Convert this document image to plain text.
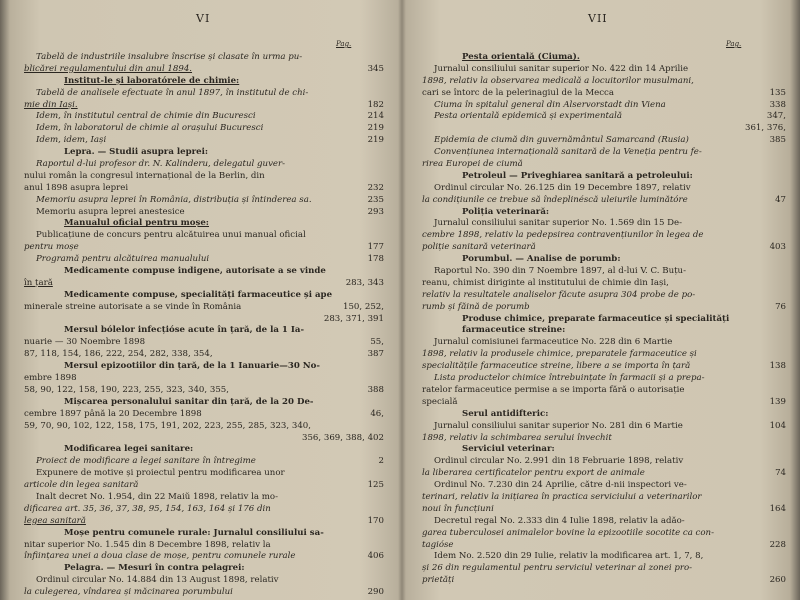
VI
Pag.
Tabelă de industriile insalubre înscrise și clasate în urma pu-
blicărei regulamentului din anul 1894.	345
Institut-le și laboratórele de chimie:
Tabelă de analisele efectuate în anul 1897, în institutul de chi-
mie din Iași.	182
Idem, în institutul central de chimie din Bucuresci	214
Idem, în laboratorul de chimie al orașului Bucuresci	219
Idem, idem, Iași	219
Lepra. — Studii asupra leprei:
Raportul d-lui profesor dr. N. Kalinderu, delegatul guver-
nului român la congresul internațional de la Berlin, din
anul 1898 asupra leprei	232
Memoriu asupra leprei în România, distribuția și întinderea sa.	235
Memoriu asupra leprei anestesice	293
Manualul oficial pentru moșe:
Publicațiune de concurs pentru alcătuirea unui manual oficial
pentru moșe	177
Programă pentru alcătuirea manualului	178
Medicamente compuse indigene, autorisate a se vinde
în țară	283, 343
Medicamente compuse, specialități farmaceutice și ape
minerale streine autorisate a se vinde în România	150, 252,
283, 371, 391
Mersul bólelor infecțióse acute în țară, de la 1 Ia-
nuarie — 30 Noembre 1898	55,
87, 118, 154, 186, 222, 254, 282, 338, 354,	387
Mersul epizootiilor din țară, de la 1 Ianuarie—30 No-
embre 1898
58, 90, 122, 158, 190, 223, 255, 323, 340, 355,	388
Mișcarea personalului sanitar din țară, de la 20 De-
cembre 1897 până la 20 Decembre 1898	46,
59, 70, 90, 102, 122, 158, 175, 191, 202, 223, 255, 285, 323, 340,
356, 369, 388, 402
Modificarea legei sanitare:
Proiect de modificare a legei sanitare în întregime	2
Expunere de motive și proiectul pentru modificarea unor
articole din legea sanitară	125
Înalt decret No. 1.954, din 22 Maiŭ 1898, relativ la mo-
dificarea art. 35, 36, 37, 38, 95, 154, 163, 164 și 176 din
legea sanitară	170
Moșe pentru comunele rurale: Jurnalul consiliului sa-
nitar superior No. 1.545 din 8 Decembre 1898, relativ la
înființarea unei a doua clase de moșe, pentru comunele rurale	406
Pelagra. — Mesuri în contra pelagrei:
Ordinul circular No. 14.884 din 13 August 1898, relativ
la culegerea, vîndarea și măcinarea porumbului	290
VII
Pag.
Pesta orientală (Ciuma).
Jurnalul consiliului sanitar superior No. 422 din 14 Aprilie
1898, relativ la observarea medicală a locuitorilor musulmani,
cari se întorc de la pelerinagiul de la Mecca	135
Ciuma în spitalul general din Alservorstadt din Viena	338
Pesta orientală epidemică și experimentală	347,
361, 376,
Epidemia de ciumă din guvernământul Samarcand (Rusia)	385
Convențiunea internațională sanitară de la Veneția pentru fe-
rirea Europei de ciumă
Petroleul — Priveghiarea sanitară a petroleului:
Ordinul circular No. 26.125 din 19 Decembre 1897, relativ
la condițiunile ce trebue să îndeplinéscă uleiurile luminătóre	47
Poliția veterinară:
Jurnalul consiliului sanitar superior No. 1.569 din 15 De-
cembre 1898, relativ la pedepsirea contravențiunilor în legea de
poliție sanitară veterinară	403
Porumbul. — Analise de porumb:
Raportul No. 390 din 7 Noembre 1897, al d-lui V. C. Buțu-
reanu, chimist diriginte al institutului de chimie din Iași,
relativ la resultatele analiselor făcute asupra 304 probe de po-
rumb și făină de porumb	76
Produse chimice, preparate farmaceutice și specialități
farmaceutice streine:
Jurnalul comisiunei farmaceutice No. 228 din 6 Martie
1898, relativ la produsele chimice, preparatele farmaceutice și
specialitățile farmaceutice streine, libere a se importa în țară	138
Lista productelor chimice întrebuințate în farmacii și a prepa-
ratelor farmaceutice permise a se importa fără o autorisație
specială	139
Serul antidifteric:
Jurnalul consiliului sanitar superior No. 281 din 6 Martie	104
1898, relativ la schimbarea serului învechit
Serviciul veterinar:
Ordinul circular No. 2.991 din 18 Februarie 1898, relativ
la liberarea certificatelor pentru export de animale	74
Ordinul No. 7.230 din 24 Aprilie, către d-nii inspectori ve-
terinari, relativ la inițiarea în practica serviciului a veterinarilor
noui în funcțiuni	164
Decretul regal No. 2.333 din 4 Iulie 1898, relativ la adăo-
garea tuberculosei animalelor bovine la epizootiile socotite ca con-
tagióse	228
Idem No. 2.520 din 29 Iulie, relativ la modificarea art. 1, 7, 8,
și 26 din regulamentul pentru serviciul veterinar al zonei pro-
prietăți	260
